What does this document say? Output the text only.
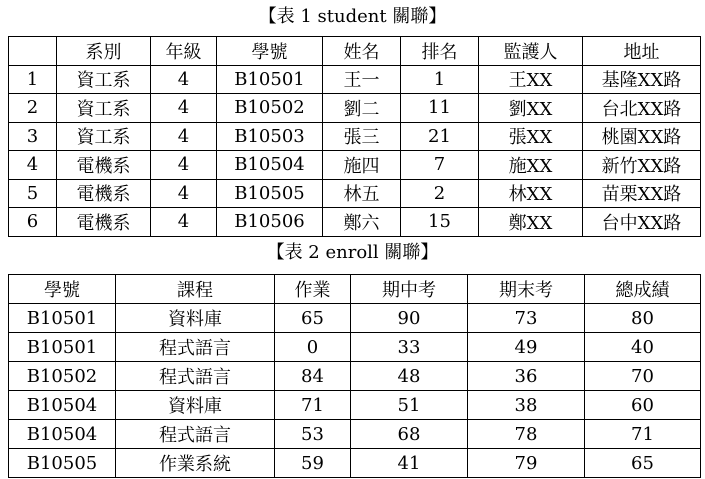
【表 1 student 關聯】
	系別	年級	學號	姓名	排名	監護人	地址
1	資工系	4	B10501	王一	1	王XX	基隆XX路
2	資工系	4	B10502	劉二	11	劉XX	台北XX路
3	資工系	4	B10503	張三	21	張XX	桃園XX路
4	電機系	4	B10504	施四	7	施XX	新竹XX路
5	電機系	4	B10505	林五	2	林XX	苗栗XX路
6	電機系	4	B10506	鄭六	15	鄭XX	台中XX路
【表 2 enroll 關聯】
學號	課程	作業	期中考	期末考	總成績
B10501	資料庫	65	90	73	80
B10501	程式語言	0	33	49	40
B10502	程式語言	84	48	36	70
B10504	資料庫	71	51	38	60
B10504	程式語言	53	68	78	71
B10505	作業系統	59	41	79	65
